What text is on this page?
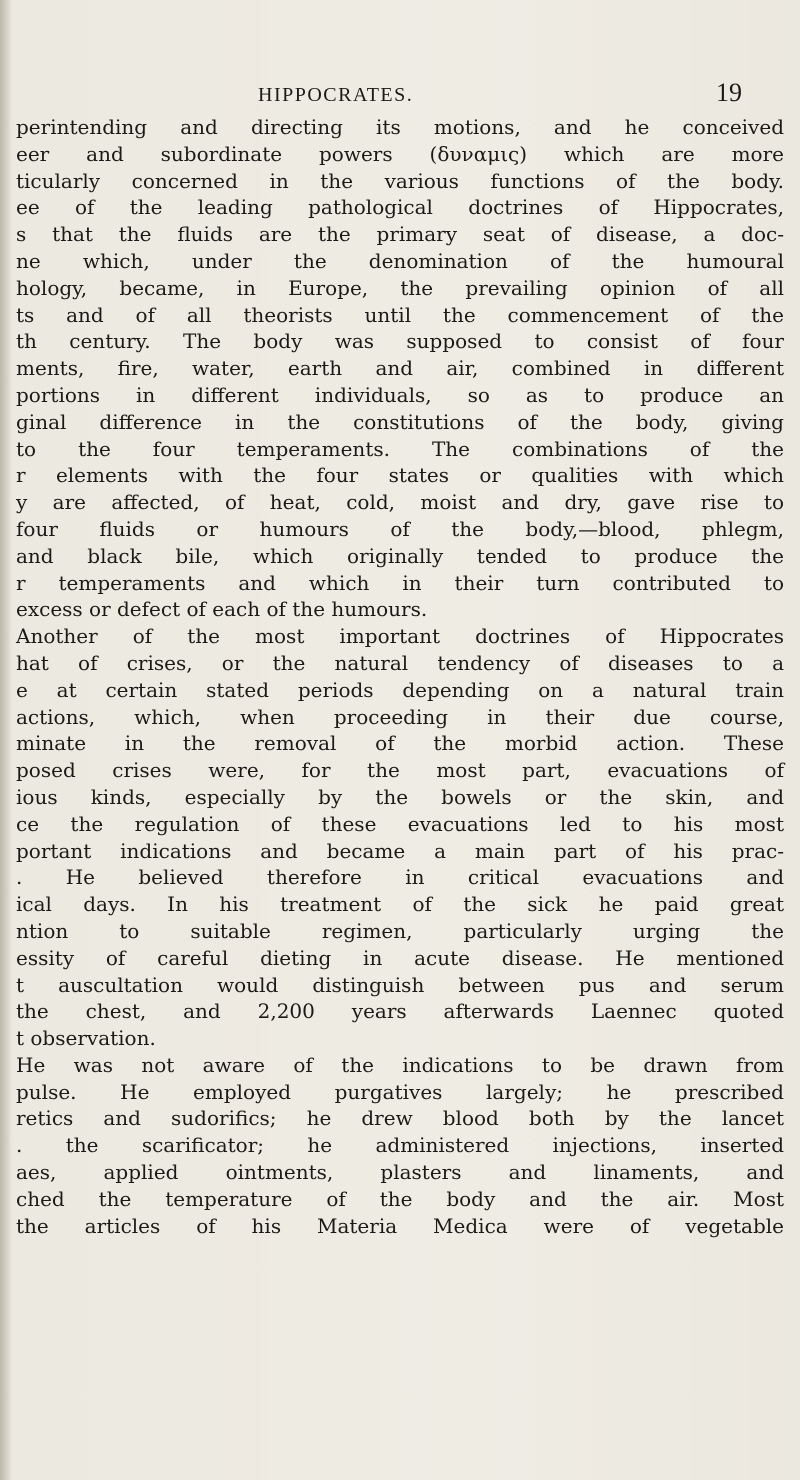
HIPPOCRATES.	19
perintending and directing its motions, and he conceived
eer and subordinate powers (δυναμις) which are more
ticularly concerned in the various functions of the body.
ee of the leading pathological doctrines of Hippocrates,
s that the fluids are the primary seat of disease, a doc-
ne which, under the denomination of the humoural
hology, became, in Europe, the prevailing opinion of all
ts and of all theorists until the commencement of the
th century. The body was supposed to consist of four
ments, fire, water, earth and air, combined in different
portions in different individuals, so as to produce an
ginal difference in the constitutions of the body, giving
to the four temperaments. The combinations of the
r elements with the four states or qualities with which
y are affected, of heat, cold, moist and dry, gave rise to
four fluids or humours of the body,—blood, phlegm,
and black bile, which originally tended to produce the
r temperaments and which in their turn contributed to
excess or defect of each of the humours.
Another of the most important doctrines of Hippocrates
hat of crises, or the natural tendency of diseases to a
e at certain stated periods depending on a natural train
actions, which, when proceeding in their due course,
minate in the removal of the morbid action. These
posed crises were, for the most part, evacuations of
ious kinds, especially by the bowels or the skin, and
ce the regulation of these evacuations led to his most
portant indications and became a main part of his prac-
. He believed therefore in critical evacuations and
ical days. In his treatment of the sick he paid great
ntion to suitable regimen, particularly urging the
essity of careful dieting in acute disease. He mentioned
t auscultation would distinguish between pus and serum
the chest, and 2,200 years afterwards Laennec quoted
t observation.
He was not aware of the indications to be drawn from
pulse. He employed purgatives largely; he prescribed
retics and sudorifics; he drew blood both by the lancet
. the scarificator; he administered injections, inserted
aes, applied ointments, plasters and linaments, and
ched the temperature of the body and the air. Most
the articles of his Materia Medica were of vegetable
